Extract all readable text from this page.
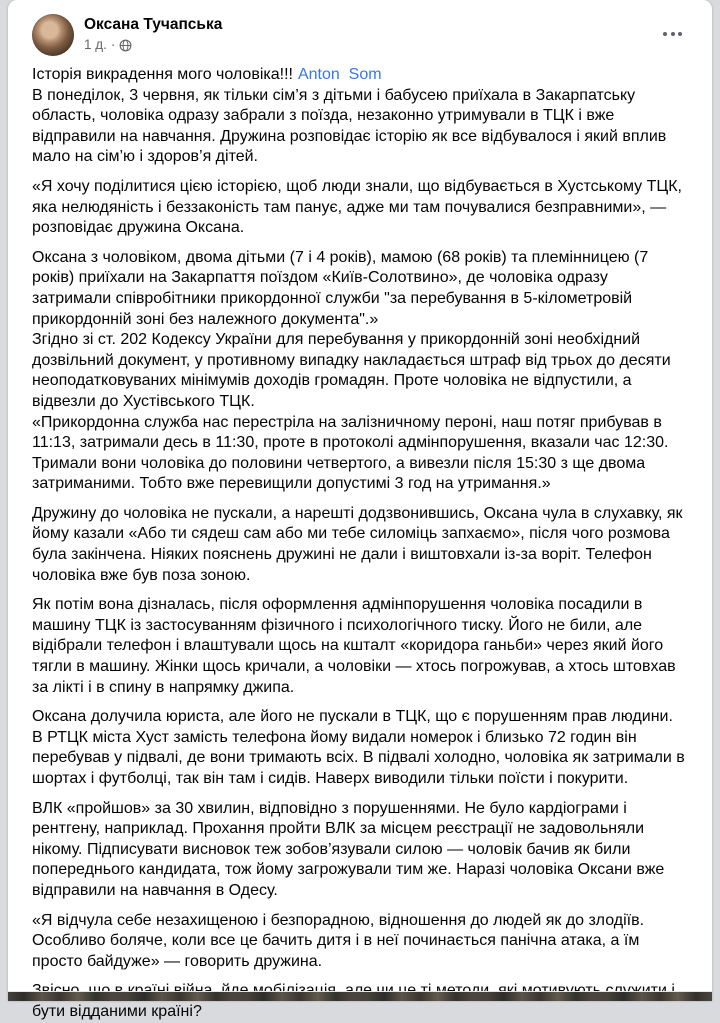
Оксана Тучапська
1 д. ·

Історія викрадення мого чоловіка!!! Anton  Som

В понеділок, 3 червня, як тільки сім’я з дітьми і бабусею приїхала в Закарпатську область, чоловіка одразу забрали з поїзда, незаконно утримували в ТЦК і вже відправили на навчання. Дружина розповідає історію як все відбувалося і який вплив мало на сім’ю і здоров’я дітей.

«Я хочу поділитися цією історією, щоб люди знали, що відбувається в Хустському ТЦК, яка нелюдяність і беззаконість там панує, адже ми там почувалися безправними», — розповідає дружина Оксана.

Оксана з чоловіком, двома дітьми (7 і 4 років), мамою (68 років) та племінницею (7 років) приїхали на Закарпаття поїздом «Київ-Солотвино», де чоловіка одразу затримали співробітники прикордонної служби "за перебування в 5-кілометровій прикордонній зоні без належного документа".»

Згідно зі ст. 202 Кодексу України для перебування у прикордонній зоні необхідний дозвільний документ, у противному випадку накладається штраф від трьох до десяти неоподатковуваних мінімумів доходів громадян. Проте чоловіка не відпустили, а відвезли до Хустівського ТЦК.

«Прикордонна служба нас перестріла на залізничному пероні, наш потяг прибував в 11:13, затримали десь в 11:30, проте в протоколі адмінпорушення, вказали час 12:30. Тримали вони чоловіка до половини четвертого, а вивезли після 15:30 з ще двома затриманими. Тобто вже перевищили допустимі 3 год на утримання.»

Дружину до чоловіка не пускали, а нарешті додзвонившись, Оксана чула в слухавку, як йому казали «Або ти сядеш сам або ми тебе силоміць запхаємо», після чого розмова була закінчена. Ніяких пояснень дружині не дали і виштовхали із-за воріт. Телефон чоловіка вже був поза зоною.

Як потім вона дізналась, після оформлення адмінпорушення чоловіка посадили в машину ТЦК із застосуванням фізичного і психологічного тиску. Його не били, але відібрали телефон і влаштували щось на кшталт «коридора ганьби» через який його тягли в машину. Жінки щось кричали, а чоловіки — хтось погрожував, а хтось штовхав за лікті і в спину в напрямку джипа.

Оксана долучила юриста, але його не пускали в ТЦК, що є порушенням прав людини. В РТЦК міста Хуст замість телефона йому видали номерок і близько 72 годин він перебував у підвалі, де вони тримають всіх. В підвалі холодно, чоловіка як затримали в шортах і футболці, так він там і сидів. Наверх виводили тільки поїсти і покурити.

ВЛК «пройшов» за 30 хвилин, відповідно з порушеннями. Не було кардіограми і рентгену, наприклад. Прохання пройти ВЛК за місцем реєстрації не задовольняли нікому. Підписувати висновок теж зобов’язували силою — чоловік бачив як били попереднього кандидата, тож йому загрожували тим же. Наразі чоловіка Оксани вже відправили на навчання в Одесу.

«Я відчула себе незахищеною і безпорадною, відношення до людей як до злодіїв. Особливо боляче, коли все це бачить дитя і в неї починається панічна атака, а їм просто байдуже» — говорить дружина.

бути відданими країні?
